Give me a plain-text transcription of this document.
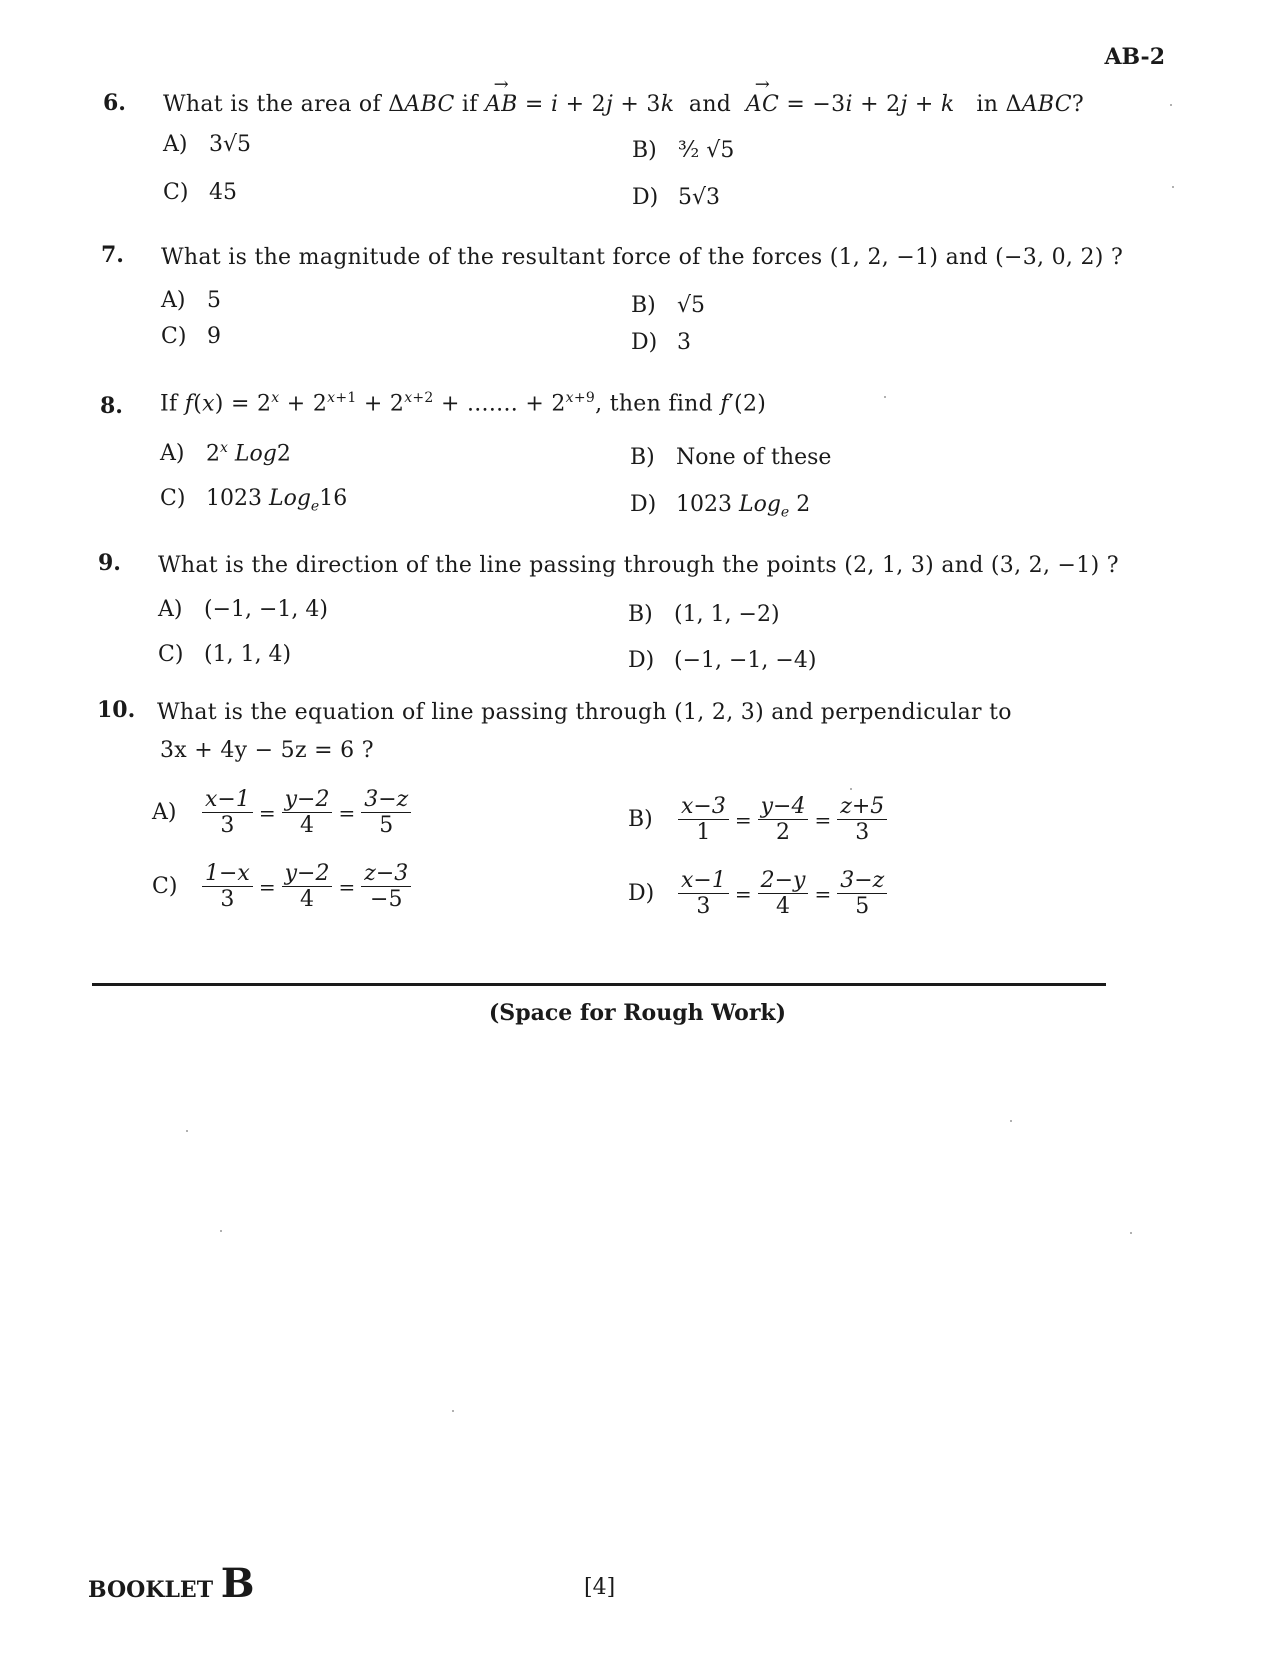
AB-2
6. What is the area of ΔABC if → AB = i + 2j + 3k  and  → AC = −3i + 2j + k   in ΔABC?
A) 3√5	B) ³⁄₂ √5
C) 45	D) 5√3
7. What is the magnitude of the resultant force of the forces (1, 2, −1) and (−3, 0, 2) ?
A) 5	B) √5
C) 9	D) 3
8. If $f(x) = 2^x + 2^{x+1} + 2^{x+2}$ + ....... + $2^{x+9}$, then find f′(2)
A) 2$^x$ Log2	B) None of these
C) 1023 Log$_e$16	D) 1023 Log$_e$ 2
9. What is the direction of the line passing through the points (2, 1, 3) and (3, 2, −1) ?
A) (−1, −1, 4)	B) (1, 1, −2)
C) (1, 1, 4)	D) (−1, −1, −4)
10. What is the equation of line passing through (1, 2, 3) and perpendicular to
3x + 4y − 5z = 6 ?
A)	$\frac{x-1}{3} = \frac{y-2}{4} = \frac{3-z}{5}$	B)	$\frac{x-3}{1} = \frac{y-4}{2} = \frac{z+5}{3}$
C)	$\frac{1-x}{3} = \frac{y-2}{4} = \frac{z-3}{-5}$	D)	$\frac{x-1}{3} = \frac{2-y}{4} = \frac{3-z}{5}$
(Space for Rough Work)
BOOKLET B	[4]
